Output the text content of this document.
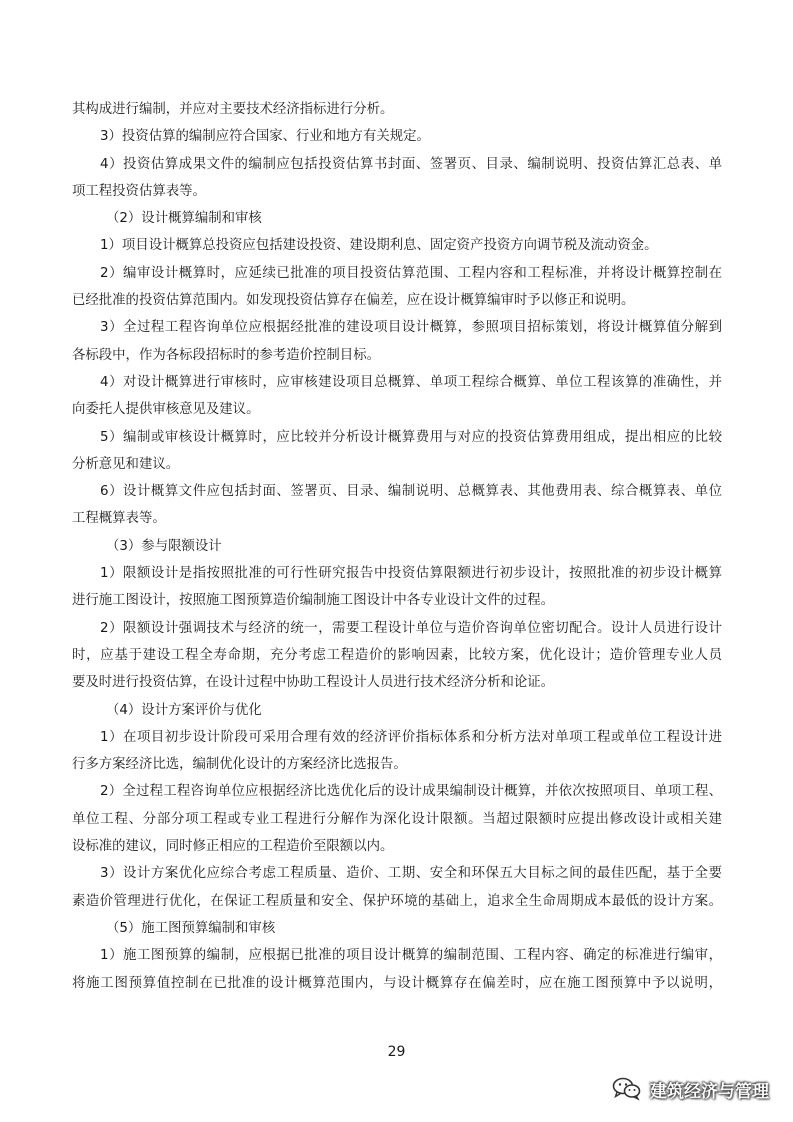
其构成进行编制，并应对主要技术经济指标进行分析。
3）投资估算的编制应符合国家、行业和地方有关规定。
4）投资估算成果文件的编制应包括投资估算书封面、签署页、目录、编制说明、投资估算汇总表、单
项工程投资估算表等。
（2）设计概算编制和审核
1）项目设计概算总投资应包括建设投资、建设期利息、固定资产投资方向调节税及流动资金。
2）编审设计概算时，应延续已批准的项目投资估算范围、工程内容和工程标准，并将设计概算控制在
已经批准的投资估算范围内。如发现投资估算存在偏差，应在设计概算编审时予以修正和说明。
3）全过程工程咨询单位应根据经批准的建设项目设计概算，参照项目招标策划，将设计概算值分解到
各标段中，作为各标段招标时的参考造价控制目标。
4）对设计概算进行审核时，应审核建设项目总概算、单项工程综合概算、单位工程该算的准确性，并
向委托人提供审核意见及建议。
5）编制或审核设计概算时，应比较并分析设计概算费用与对应的投资估算费用组成，提出相应的比较
分析意见和建议。
6）设计概算文件应包括封面、签署页、目录、编制说明、总概算表、其他费用表、综合概算表、单位
工程概算表等。
（3）参与限额设计
1）限额设计是指按照批准的可行性研究报告中投资估算限额进行初步设计，按照批准的初步设计概算
进行施工图设计，按照施工图预算造价编制施工图设计中各专业设计文件的过程。
2）限额设计强调技术与经济的统一，需要工程设计单位与造价咨询单位密切配合。设计人员进行设计
时，应基于建设工程全寿命期，充分考虑工程造价的影响因素，比较方案，优化设计；造价管理专业人员
要及时进行投资估算，在设计过程中协助工程设计人员进行技术经济分析和论证。
（4）设计方案评价与优化
1）在项目初步设计阶段可采用合理有效的经济评价指标体系和分析方法对单项工程或单位工程设计进
行多方案经济比选，编制优化设计的方案经济比选报告。
2）全过程工程咨询单位应根据经济比选优化后的设计成果编制设计概算，并依次按照项目、单项工程、
单位工程、分部分项工程或专业工程进行分解作为深化设计限额。当超过限额时应提出修改设计或相关建
设标准的建议，同时修正相应的工程造价至限额以内。
3）设计方案优化应综合考虑工程质量、造价、工期、安全和环保五大目标之间的最佳匹配，基于全要
素造价管理进行优化，在保证工程质量和安全、保护环境的基础上，追求全生命周期成本最低的设计方案。
（5）施工图预算编制和审核
1）施工图预算的编制，应根据已批准的项目设计概算的编制范围、工程内容、确定的标准进行编审，
将施工图预算值控制在已批准的设计概算范围内，与设计概算存在偏差时，应在施工图预算中予以说明，
29
建筑经济与管理
